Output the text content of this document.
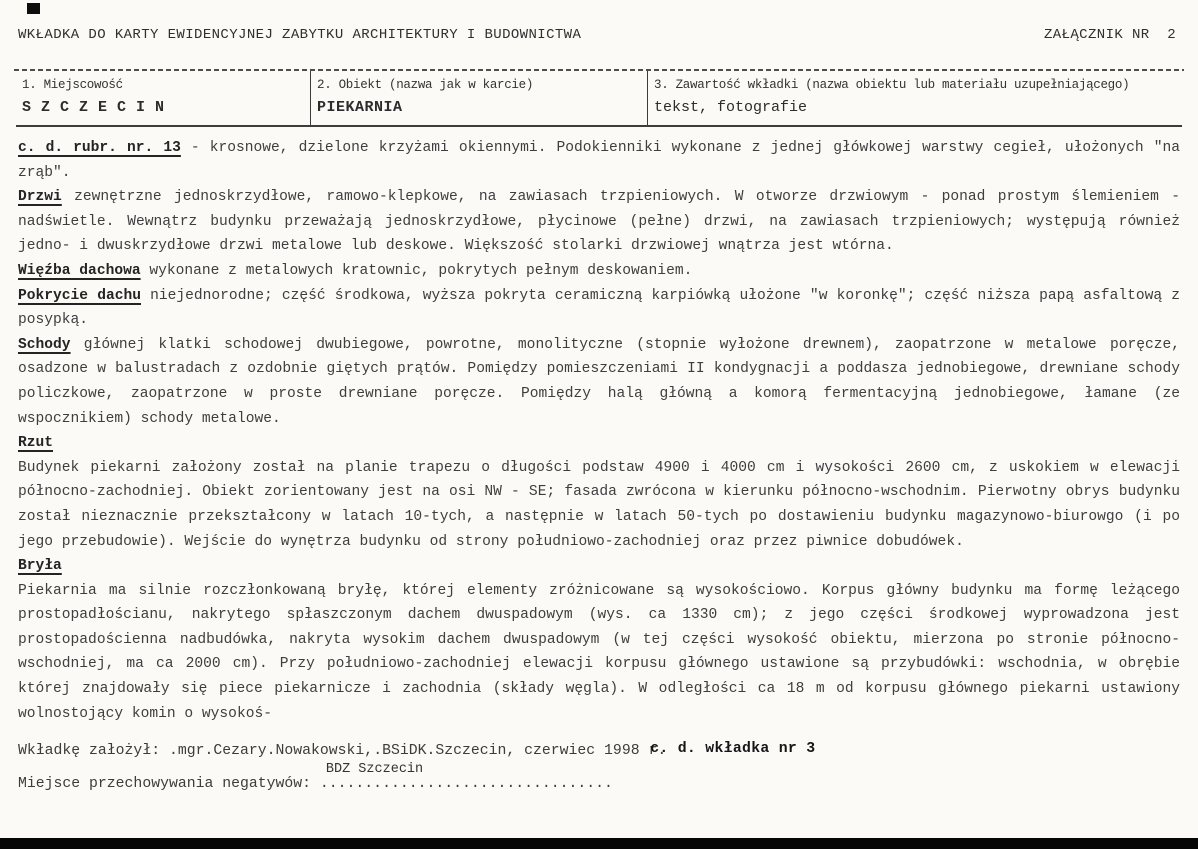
WKŁADKA DO KARTY EWIDENCYJNEJ ZABYTKU ARCHITEKTURY I BUDOWNICTWA	ZAŁĄCZNIK NR  2
1. Miejscowość
S Z C Z E C I N
2. Obiekt (nazwa jak w karcie)
PIEKARNIA
3. Zawartość wkładki (nazwa obiektu lub materiału uzupełniającego)
tekst, fotografie

c. d. rubr. nr. 13 - krosnowe, dzielone krzyżami okiennymi. Podokienniki wykonane z jednej główkowej warstwy cegieł, ułożonych "na zrąb".

Drzwi zewnętrzne jednoskrzydłowe, ramowo-klepkowe, na zawiasach trzpieniowych. W otworze drzwiowym - ponad prostym ślemieniem - nadświetle. Wewnątrz budynku przeważają jednoskrzydłowe, płycinowe (pełne) drzwi, na zawiasach trzpieniowych; występują również jedno- i dwuskrzydłowe drzwi metalowe lub deskowe. Większość stolarki drzwiowej wnątrza jest wtórna.

Więźba dachowa wykonane z metalowych kratownic, pokrytych pełnym deskowaniem.

Pokrycie dachu niejednorodne; część środkowa, wyższa pokryta ceramiczną karpiówką ułożone "w koronkę"; część niższa papą asfaltową z posypką.

Schody głównej klatki schodowej dwubiegowe, powrotne, monolityczne (stopnie wyłożone drewnem), zaopatrzone w metalowe poręcze, osadzone w balustradach z ozdobnie giętych prątów. Pomiędzy pomieszczeniami II kondygnacji a poddasza jednobiegowe, drewniane schody policzkowe, zaopatrzone w proste drewniane poręcze. Pomiędzy halą główną a komorą fermentacyjną jednobiegowe, łamane (ze wspocznikiem) schody metalowe.

Rzut

Budynek piekarni założony został na planie trapezu o długości podstaw 4900 i 4000 cm i wysokości 2600 cm, z uskokiem w elewacji północno-zachodniej. Obiekt zorientowany jest na osi NW - SE; fasada zwrócona w kierunku północno-wschodnim. Pierwotny obrys budynku został nieznacznie przekształcony w latach 10-tych, a następnie w latach 50-tych po dostawieniu budynku magazynowo-biurowgo (i po jego przebudowie). Wejście do wynętrza budynku od strony południowo-zachodniej oraz przez piwnice dobudówek.

Bryła

Piekarnia ma silnie rozczłonkowaną bryłę, której elementy zróżnicowane są wysokościowo. Korpus główny budynku ma formę leżącego prostopadłościanu, nakrytego spłaszczonym dachem dwuspadowym (wys. ca 1330 cm); z jego części środkowej wyprowadzona jest prostopadościenna nadbudówka, nakryta wysokim dachem dwuspadowym (w tej części wysokość obiektu, mierzona po stronie północno-wschodniej, ma ca 2000 cm). Przy południowo-zachodniej elewacji korpusu głównego ustawione są przybudówki: wschodnia, w obrębie której znajdowały się piece piekarnicze i zachodnia (składy węgla). W odległości ca 18 m od korpusu głównego piekarni ustawiony wolnostojący komin o wysokoś-

Wkładkę założył: .mgr.Cezary.Nowakowski,.BSiDK.Szczecin, czerwiec 1998 r.c. d. wkładka nr 3
Miejsce przechowywania negatywów:
BDZ Szczecin
.................................
